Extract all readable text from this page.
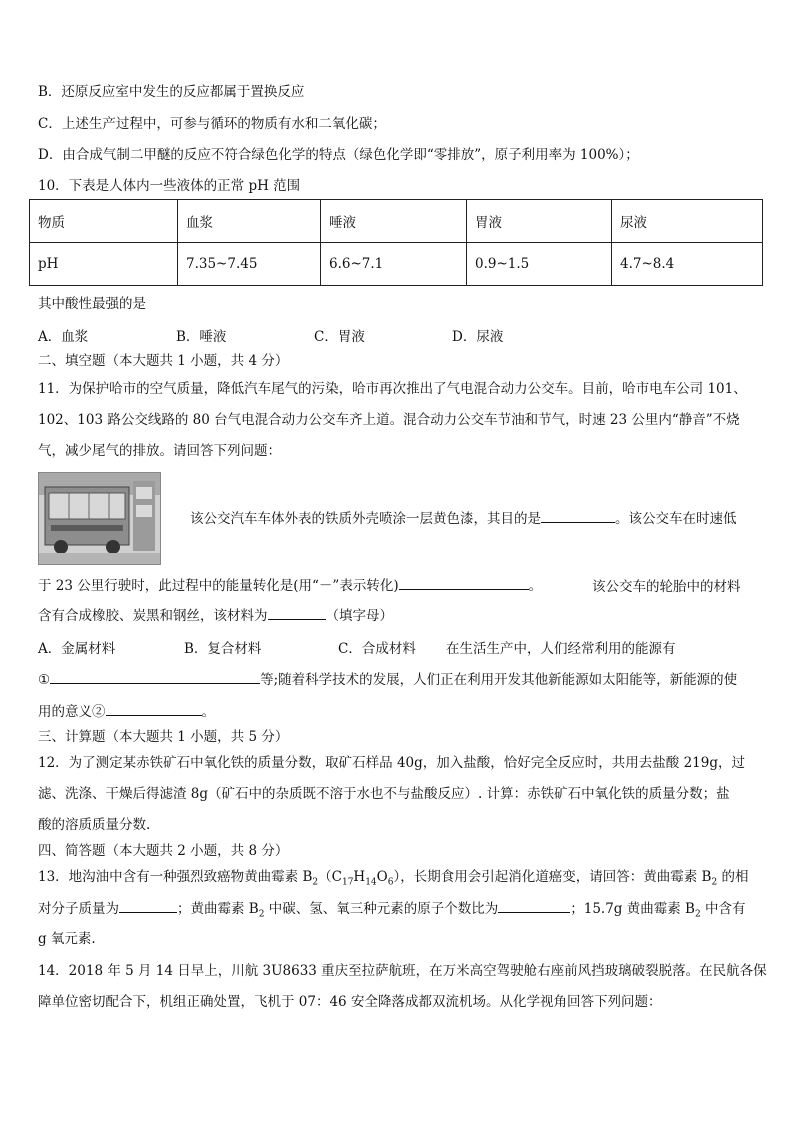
B．还原反应室中发生的反应都属于置换反应
C．上述生产过程中，可参与循环的物质有水和二氧化碳；
D．由合成气制二甲醚的反应不符合绿色化学的特点（绿色化学即“零排放”，原子利用率为 100%）；
10．下表是人体内一些液体的正常 pH 范围
物质	血浆	唾液	胃液	尿液
pH	7.35~7.45	6.6~7.1	0.9~1.5	4.7~8.4
其中酸性最强的是
A．血浆	B．唾液	C．胃液	D．尿液
二、填空题（本大题共 1 小题，共 4 分）
11．为保护哈市的空气质量，降低汽车尾气的污染，哈市再次推出了气电混合动力公交车。目前，哈市电车公司 101、
102、103 路公交线路的 80 台气电混合动力公交车齐上道。混合动力公交车节油和节气，时速 23 公里内“静音”不烧
气，减少尾气的排放。请回答下列问题：
该公交汽车车体外表的铁质外壳喷涂一层黄色漆，其目的是	。该公交车在时速低
于 23 公里行驶时，此过程中的能量转化是(用“－”表示转化)	。	该公交车的轮胎中的材料
含有合成橡胶、炭黑和钢丝，该材料为	（填字母）
A．金属材料	B．复合材料	C．合成材料 在生活生产中，人们经常利用的能源有
①	等;随着科学技术的发展，人们正在利用开发其他新能源如太阳能等，新能源的使
用的意义②	。
三、计算题（本大题共 1 小题，共 5 分）
12．为了测定某赤铁矿石中氧化铁的质量分数，取矿石样品 40g，加入盐酸，恰好完全反应时，共用去盐酸 219g，过
滤、洗涤、干燥后得滤渣 8g（矿石中的杂质既不溶于水也不与盐酸反应）. 计算：赤铁矿石中氧化铁的质量分数；盐
酸的溶质质量分数.
四、简答题（本大题共 2 小题，共 8 分）
13．地沟油中含有一种强烈致癌物黄曲霉素 $B_2(C_{17}H_{14}O_6)$，长期食用会引起消化道癌变，请回答：黄曲霉素 $B_2$ 的相
对分子质量为	；黄曲霉素 $B_2$ 中碳、氢、氧三种元素的原子个数比为	；15.7g 黄曲霉素 $B_2$ 中含有
g 氧元素.
14．2018 年 5 月 14 日早上，川航 3U8633 重庆至拉萨航班，在万米高空驾驶舱右座前风挡玻璃破裂脱落。在民航各保
障单位密切配合下，机组正确处置，飞机于 07：46 安全降落成都双流机场。从化学视角回答下列问题：
